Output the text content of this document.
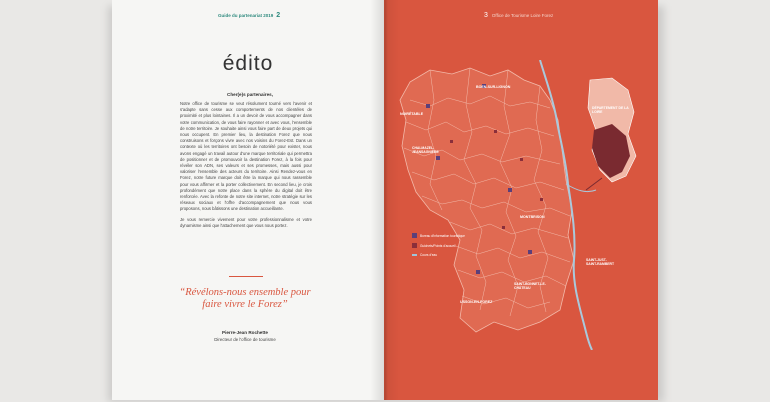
Guide du partenariat 2019 2
édito
Cher(e)s partenaires,

Notre office de tourisme se veut résolument tourné vers l'avenir et s'adapte sans cesse aux comportements de nos clientèles de proximité et plus lointaines. Il a un devoir de vous accompagner dans votre communication, de vous faire rayonner et avec vous, l'ensemble de notre territoire. Je souhaite ainsi vous faire part de deux projets qui nous occupent. En premier lieu, la destination Forez que nous construisons et forçons vivre avec nos voisins du Forez-Est. Dans un contexte où les territoires ont besoin de notoriété pour exister, nous avons engagé un travail autour d'une marque territoriale qui permettra de positionner et de promouvoir la destination Forez, à la fois pour révéler son ADN, ses valeurs et ses promesses, mais aussi pour valoriser l'ensemble des acteurs du territoire. Ainsi Rendez-vous en Forez, notre future marque doit être la marque qui nous rassemble pour vous affirmer et la porter collectivement. En second lieu, je crois profondément que notre place dans la sphère du digital doit être renforcée. Avec la refonte de notre site internet, notre stratégie sur les réseaux sociaux et l'offre d'accompagnement que nous vous proposons, nous bâtissons une destination accueillante.

Je vous remercie vivement pour votre professionnalisme et votre dynamisme ainsi que l'attachement que vous nous portez.

“Révélons-nous ensemble pour faire vivre le Forez”
Pierre-Jean Rochette
Directeur de l'office de tourisme
3 Office de Tourisme Loire Forez
MONTBRISON
BOEN-SUR-LIGNON
NOIRÉTABLE
CHALMAZEL-JEANSAGNIÈRE
SAINT-BONNET-LE-CHÂTEAU
USSON-EN-FOREZ
SAINT-JUST-SAINT-RAMBERT
DÉPARTEMENT DE LA LOIRE
Bureau d'information touristique
Guichets/Points d'accueil
Cours d'eau
